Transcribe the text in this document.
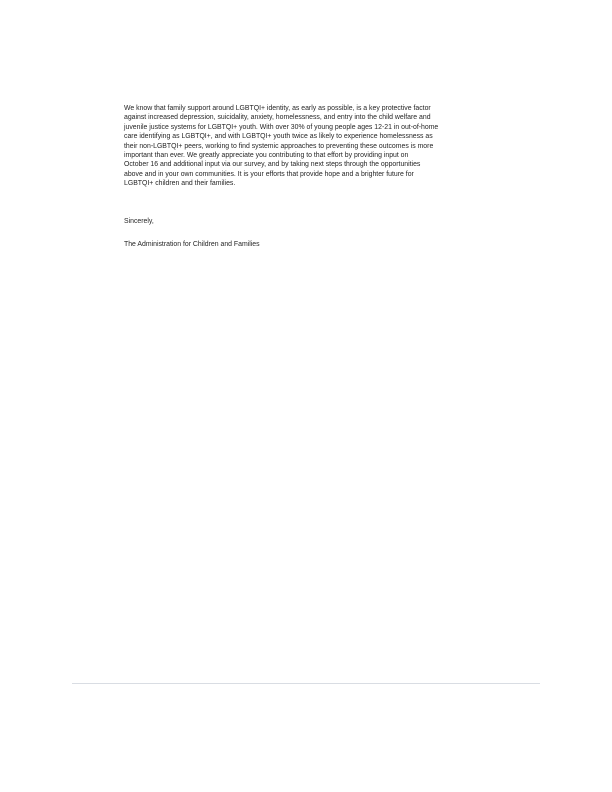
We know that family support around LGBTQI+ identity, as early as possible, is a key protective factor
against increased depression, suicidality, anxiety, homelessness, and entry into the child welfare and
juvenile justice systems for LGBTQI+ youth. With over 30% of young people ages 12-21 in out-of-home
care identifying as LGBTQI+, and with LGBTQI+ youth twice as likely to experience homelessness as
their non-LGBTQI+ peers, working to find systemic approaches to preventing these outcomes is more
important than ever. We greatly appreciate you contributing to that effort by providing input on
October 16 and additional input via our survey, and by taking next steps through the opportunities
above and in your own communities. It is your efforts that provide hope and a brighter future for
LGBTQI+ children and their families.
Sincerely,
The Administration for Children and Families
